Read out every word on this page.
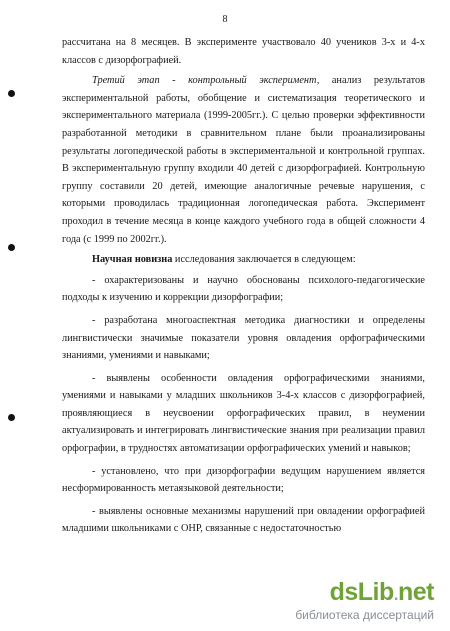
8

рассчитана на 8 месяцев. В эксперименте участвовало 40 учеников 3-х и 4-х классов с дизорфографией.

Третий этап - контрольный эксперимент, анализ результатов экспериментальной работы, обобщение и систематизация теоретического и экспериментального материала (1999-2005гг.). С целью проверки эффективности разработанной методики в сравнительном плане были проанализированы результаты логопедической работы в экспериментальной и контрольной группах. В экспериментальную группу входили 40 детей с дизорфографией. Контрольную группу составили 20 детей, имеющие аналогичные речевые нарушения, с которыми проводилась традиционная логопедическая работа. Эксперимент проходил в течение месяца в конце каждого учебного года в общей сложности 4 года (с 1999 по 2002гг.).

Научная новизна исследования заключается в следующем:

- охарактеризованы и научно обоснованы психолого-педагогические подходы к изучению и коррекции дизорфографии;

- разработана многоаспектная методика диагностики и определены лингвистически значимые показатели уровня овладения орфографическими знаниями, умениями и навыками;

- выявлены особенности овладения орфографическими знаниями, умениями и навыками у младших школьников 3-4-х классов с дизорфографией, проявляющиеся в неусвоении орфографических правил, в неумении актуализировать и интегрировать лингвистические знания при реализации правил орфографии, в трудностях автоматизации орфографических умений и навыков;

- установлено, что при дизорфографии ведущим нарушением является несформированность метаязыковой деятельности;

- выявлены основные механизмы нарушений при овладении орфографией младшими школьниками с ОНР, связанные с недостаточностью

dsLib.net
библиотека диссертаций
